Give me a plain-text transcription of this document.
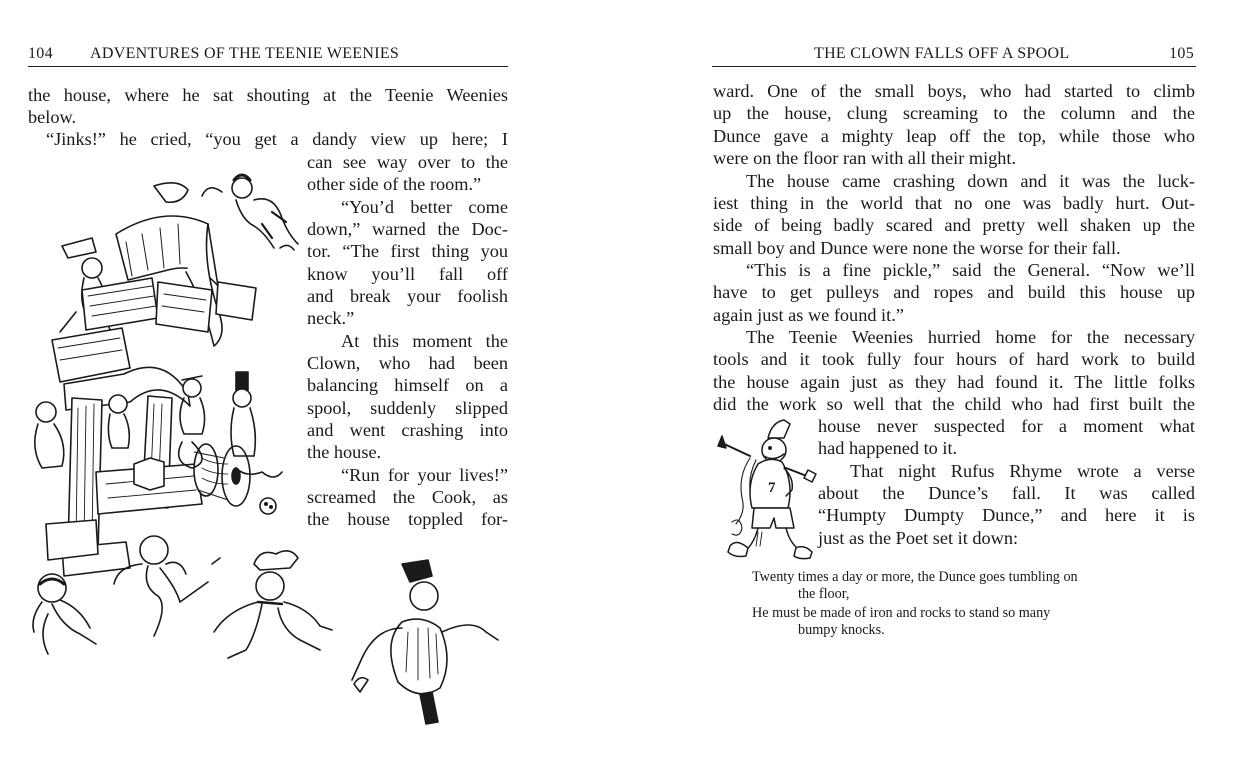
104 ADVENTURES OF THE TEENIE WEENIES
the house, where he sat shouting at the Teenie Weenies
below.
“Jinks!” he cried, “you get a dandy view up here; I
can see way over to the
other side of the room.”
“You’d better come
down,” warned the Doc-
tor. “The first thing you
know you’ll fall off
and break your foolish
neck.”
At this moment the
Clown, who had been
balancing himself on a
spool, suddenly slipped
and went crashing into
the house.
“Run for your lives!”
screamed the Cook, as
the house toppled for-
THE CLOWN FALLS OFF A SPOOL	105
ward. One of the small boys, who had started to climb
up the house, clung screaming to the column and the
Dunce gave a mighty leap off the top, while those who
were on the floor ran with all their might.
The house came crashing down and it was the luck-
iest thing in the world that no one was badly hurt. Out-
side of being badly scared and pretty well shaken up the
small boy and Dunce were none the worse for their fall.
“This is a fine pickle,” said the General. “Now we’ll
have to get pulleys and ropes and build this house up
again just as we found it.”
The Teenie Weenies hurried home for the necessary
tools and it took fully four hours of hard work to build
the house again just as they had found it. The little folks
did the work so well that the child who had first built the
house never suspected for a moment what
had happened to it.
That night Rufus Rhyme wrote a verse
about the Dunce’s fall. It was called
“Humpty Dumpty Dunce,” and here it is
just as the Poet set it down:
Twenty times a day or more, the Dunce goes tumbling on
the floor,
He must be made of iron and rocks to stand so many
bumpy knocks.
7
